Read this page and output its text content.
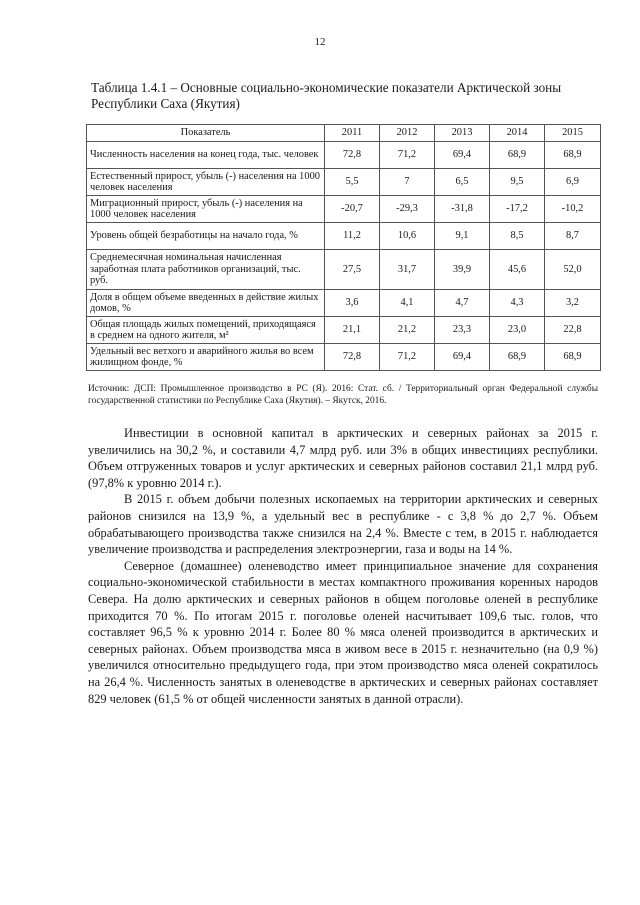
12
Таблица 1.4.1 – Основные социально-экономические показатели Арктической зоны Республики Саха (Якутия)
Показатель	2011	2012	2013	2014	2015
Численность населения на конец года, тыс. человек	72,8	71,2	69,4	68,9	68,9
Естественный прирост, убыль (-) населения на 1000 человек населения	5,5	7	6,5	9,5	6,9
Миграционный прирост, убыль (-) населения на 1000 человек населения	-20,7	-29,3	-31,8	-17,2	-10,2
Уровень общей безработицы на начало года, %	11,2	10,6	9,1	8,5	8,7
Среднемесячная номинальная начисленная заработная плата работников организаций, тыс. руб.	27,5	31,7	39,9	45,6	52,0
Доля в общем объеме введенных в действие жилых домов, %	3,6	4,1	4,7	4,3	3,2
Общая площадь жилых помещений, приходящаяся в среднем на одного жителя, м²	21,1	21,2	23,3	23,0	22,8
Удельный вес ветхого и аварийного жилья во всем жилищном фонде, %	72,8	71,2	69,4	68,9	68,9
Источник: ДСП: Промышленное производство в РС (Я). 2016: Стат. сб. / Территориальный орган Федеральной службы государственной статистики по Республике Саха (Якутия). – Якутск, 2016.

Инвестиции в основной капитал в арктических и северных районах за 2015 г. увеличились на 30,2 %, и составили 4,7 млрд руб. или 3% в общих инвестициях республики. Объем отгруженных товаров и услуг арктических и северных районов составил 21,1 млрд руб. (97,8% к уровню 2014 г.).

В 2015 г. объем добычи полезных ископаемых на территории арктических и северных районов снизился на 13,9 %, а удельный вес в республике - с 3,8 % до 2,7 %. Объем обрабатывающего производства также снизился на 2,4 %. Вместе с тем, в 2015 г. наблюдается увеличение производства и распределения электроэнергии, газа и воды на 14 %.

Северное (домашнее) оленеводство имеет принципиальное значение для сохранения социально-экономической стабильности в местах компактного проживания коренных народов Севера. На долю арктических и северных районов в общем поголовье оленей в республике приходится 70 %. По итогам 2015 г. поголовье оленей насчитывает 109,6 тыс. голов, что составляет 96,5 % к уровню 2014 г. Более 80 % мяса оленей производится в арктических и северных районах. Объем производства мяса в живом весе в 2015 г. незначительно (на 0,9 %) увеличился относительно предыдущего года, при этом производство мяса оленей сократилось на 26,4 %. Численность занятых в оленеводстве в арктических и северных районах составляет 829 человек (61,5 % от общей численности занятых в данной отрасли).
